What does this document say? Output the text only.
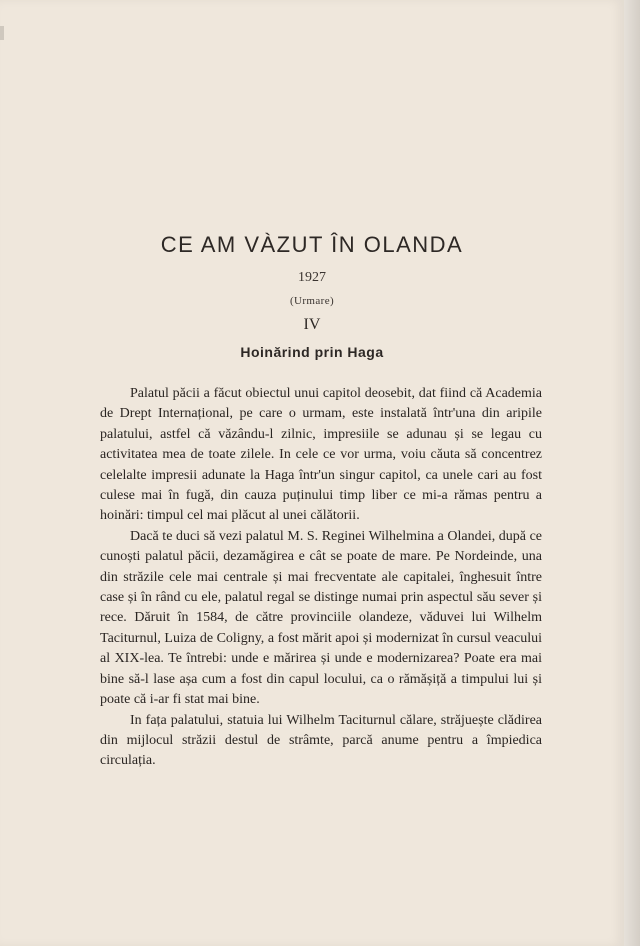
CE AM VÀZUT ÎN OLANDA
1927
(Urmare)
IV
Hoinărind prin Haga

Palatul păcii a făcut obiectul unui capitol deosebit, dat fiind că Academia de Drept Internațional, pe care o urmam, este instalată într'una din aripile palatului, astfel că văzându-l zilnic, impresiile se adunau și se legau cu activitatea mea de toate zilele. In cele ce vor urma, voiu căuta să concentrez celelalte impresii adunate la Haga într'un singur capitol, ca unele cari au fost culese mai în fugă, din cauza puținului timp liber ce mi-a rămas pentru a hoinări: timpul cel mai plăcut al unei călătorii.

Dacă te duci să vezi palatul M. S. Reginei Wilhelmina a Olandei, după ce cunoști palatul păcii, dezamăgirea e cât se poate de mare. Pe Nordeinde, una din străzile cele mai centrale și mai frecventate ale capitalei, înghesuit între case și în rând cu ele, palatul regal se distinge numai prin aspectul său sever și rece. Dăruit în 1584, de către provinciile olandeze, văduvei lui Wilhelm Taciturnul, Luiza de Coligny, a fost mărit apoi și modernizat în cursul veacului al XIX-lea. Te întrebi: unde e mărirea și unde e modernizarea? Poate era mai bine să-l lase așa cum a fost din capul locului, ca o rămășiță a timpului lui și poate că i-ar fi stat mai bine.

In fața palatului, statuia lui Wilhelm Taciturnul călare, străjuește clădirea din mijlocul străzii destul de strâmte, parcă anume pentru a împiedica circulația.
